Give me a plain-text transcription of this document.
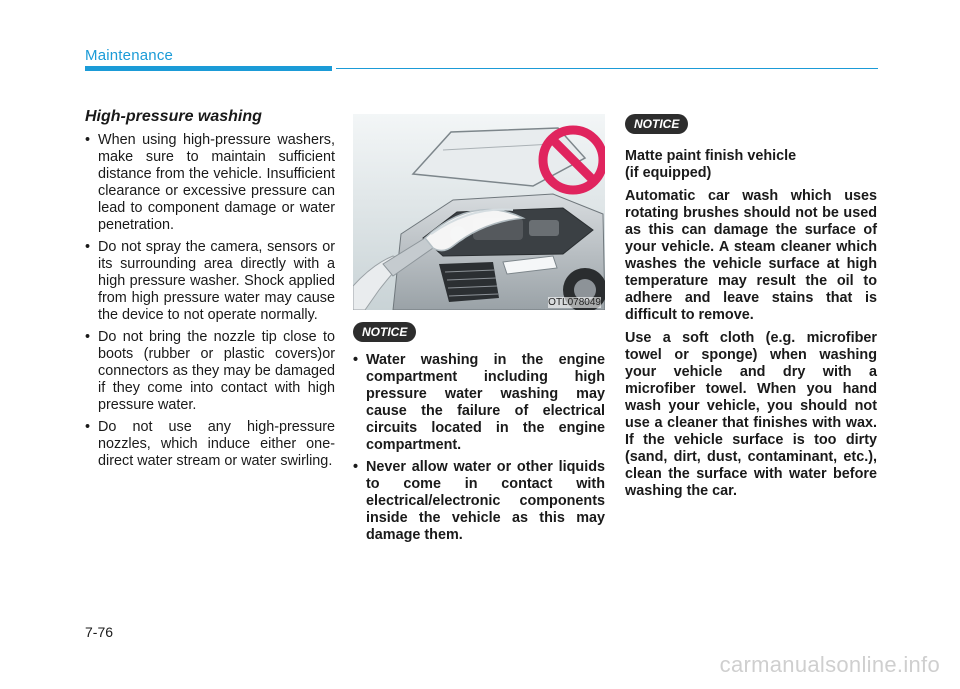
Maintenance
High-pressure washing
• When using high-pressure washers, make sure to maintain sufficient distance from the vehicle. Insufficient clearance or excessive pressure can lead to component damage or water penetration.
• Do not spray the camera, sensors or its surrounding area directly with a high pressure washer. Shock applied from high pressure water may cause the device to not operate normally.
• Do not bring the nozzle tip close to boots (rubber or plastic covers)or connectors as they may be damaged if they come into contact with high pressure water.
• Do not use any high-pressure nozzles, which induce either one-direct water stream or water swirling.
OTL078049
NOTICE
• Water washing in the engine compartment including high pressure water washing may cause the failure of electrical circuits located in the engine compartment.
• Never allow water or other liquids to come in contact with electrical/electronic components inside the vehicle as this may damage them.
NOTICE
Matte paint finish vehicle
(if equipped)

Automatic car wash which uses rotating brushes should not be used as this can damage the surface of your vehicle. A steam cleaner which washes the vehicle surface at high temperature may result the oil to adhere and leave stains that is difficult to remove.

Use a soft cloth (e.g. microfiber towel or sponge) when washing your vehicle and dry with a microfiber towel. When you hand wash your vehicle, you should not use a cleaner that finishes with wax. If the vehicle surface is too dirty (sand, dirt, dust, contaminant, etc.), clean the surface with water before washing the car.

7-76
carmanualsonline.info
